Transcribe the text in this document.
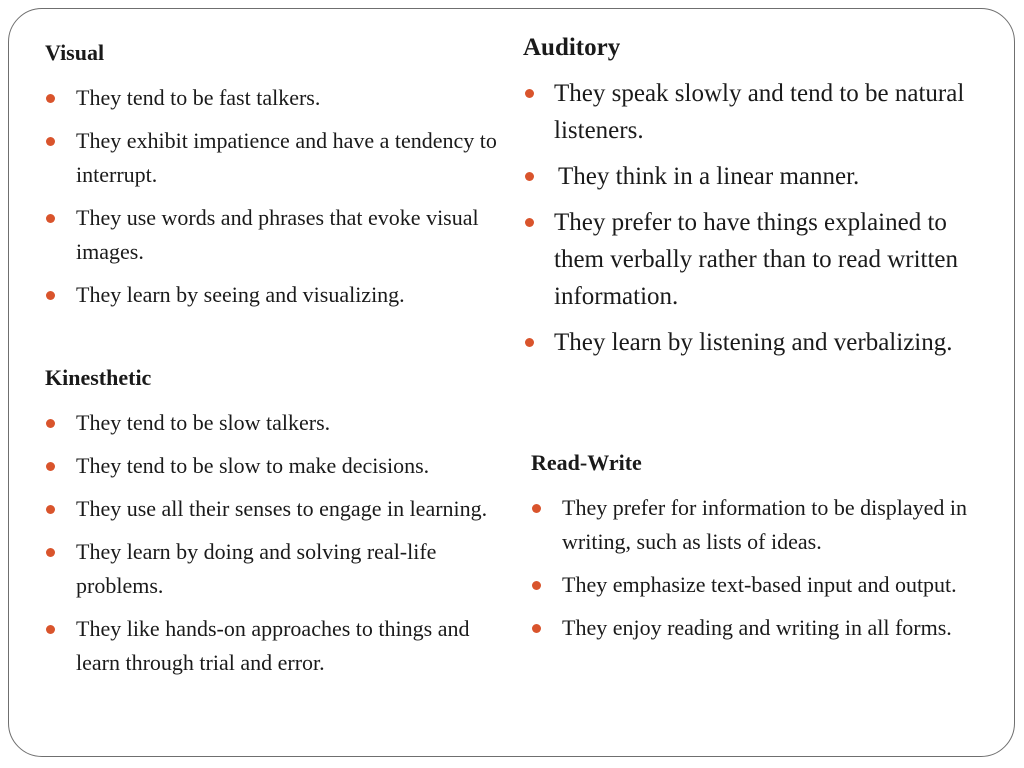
Visual

They tend to be fast talkers.
They exhibit impatience and have a tendency to interrupt.
They use words and phrases that evoke visual images.
They learn by seeing and visualizing.

Kinesthetic

They tend to be slow talkers.
They tend to be slow to make decisions.
They use all their senses to engage in learning.
They learn by doing and solving real-life problems.
They like hands-on approaches to things and learn through trial and error.

Auditory

They speak slowly and tend to be natural listeners.
They think in a linear manner.
They prefer to have things explained to them verbally rather than to read written information.
They learn by listening and verbalizing.

Read-Write

They prefer for information to be displayed in writing, such as lists of ideas.
They emphasize text-based input and output.
They enjoy reading and writing in all forms.
